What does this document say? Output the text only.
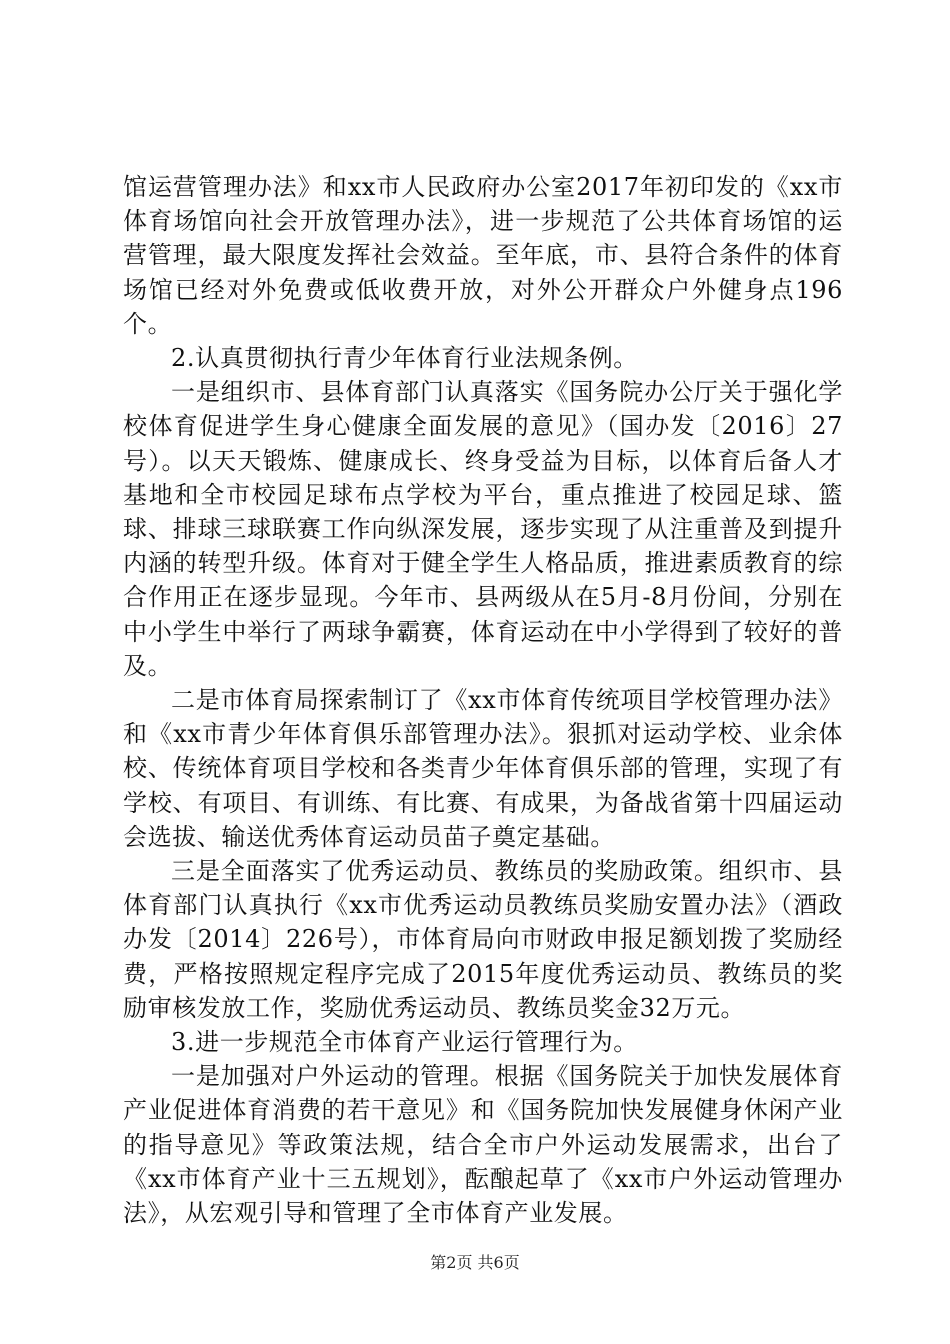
馆运营管理办法》和xx市人民政府办公室2017年初印发的《xx市体育场馆向社会开放管理办法》，进一步规范了公共体育场馆的运营管理，最大限度发挥社会效益。至年底，市、县符合条件的体育场馆已经对外免费或低收费开放，对外公开群众户外健身点196个。

2.认真贯彻执行青少年体育行业法规条例。

一是组织市、县体育部门认真落实《国务院办公厅关于强化学校体育促进学生身心健康全面发展的意见》（国办发〔2016〕27号）。以天天锻炼、健康成长、终身受益为目标，以体育后备人才基地和全市校园足球布点学校为平台，重点推进了校园足球、篮球、排球三球联赛工作向纵深发展，逐步实现了从注重普及到提升内涵的转型升级。体育对于健全学生人格品质，推进素质教育的综合作用正在逐步显现。今年市、县两级从在5月-8月份间，分别在中小学生中举行了两球争霸赛，体育运动在中小学得到了较好的普及。

二是市体育局探索制订了《xx市体育传统项目学校管理办法》和《xx市青少年体育俱乐部管理办法》。狠抓对运动学校、业余体校、传统体育项目学校和各类青少年体育俱乐部的管理，实现了有学校、有项目、有训练、有比赛、有成果，为备战省第十四届运动会选拔、输送优秀体育运动员苗子奠定基础。

三是全面落实了优秀运动员、教练员的奖励政策。组织市、县体育部门认真执行《xx市优秀运动员教练员奖励安置办法》（酒政办发〔2014〕226号），市体育局向市财政申报足额划拨了奖励经费，严格按照规定程序完成了2015年度优秀运动员、教练员的奖励审核发放工作，奖励优秀运动员、教练员奖金32万元。

3.进一步规范全市体育产业运行管理行为。

一是加强对户外运动的管理。根据《国务院关于加快发展体育产业促进体育消费的若干意见》和《国务院加快发展健身休闲产业的指导意见》等政策法规，结合全市户外运动发展需求，出台了《xx市体育产业十三五规划》，酝酿起草了《xx市户外运动管理办法》，从宏观引导和管理了全市体育产业发展。

第2页 共6页
